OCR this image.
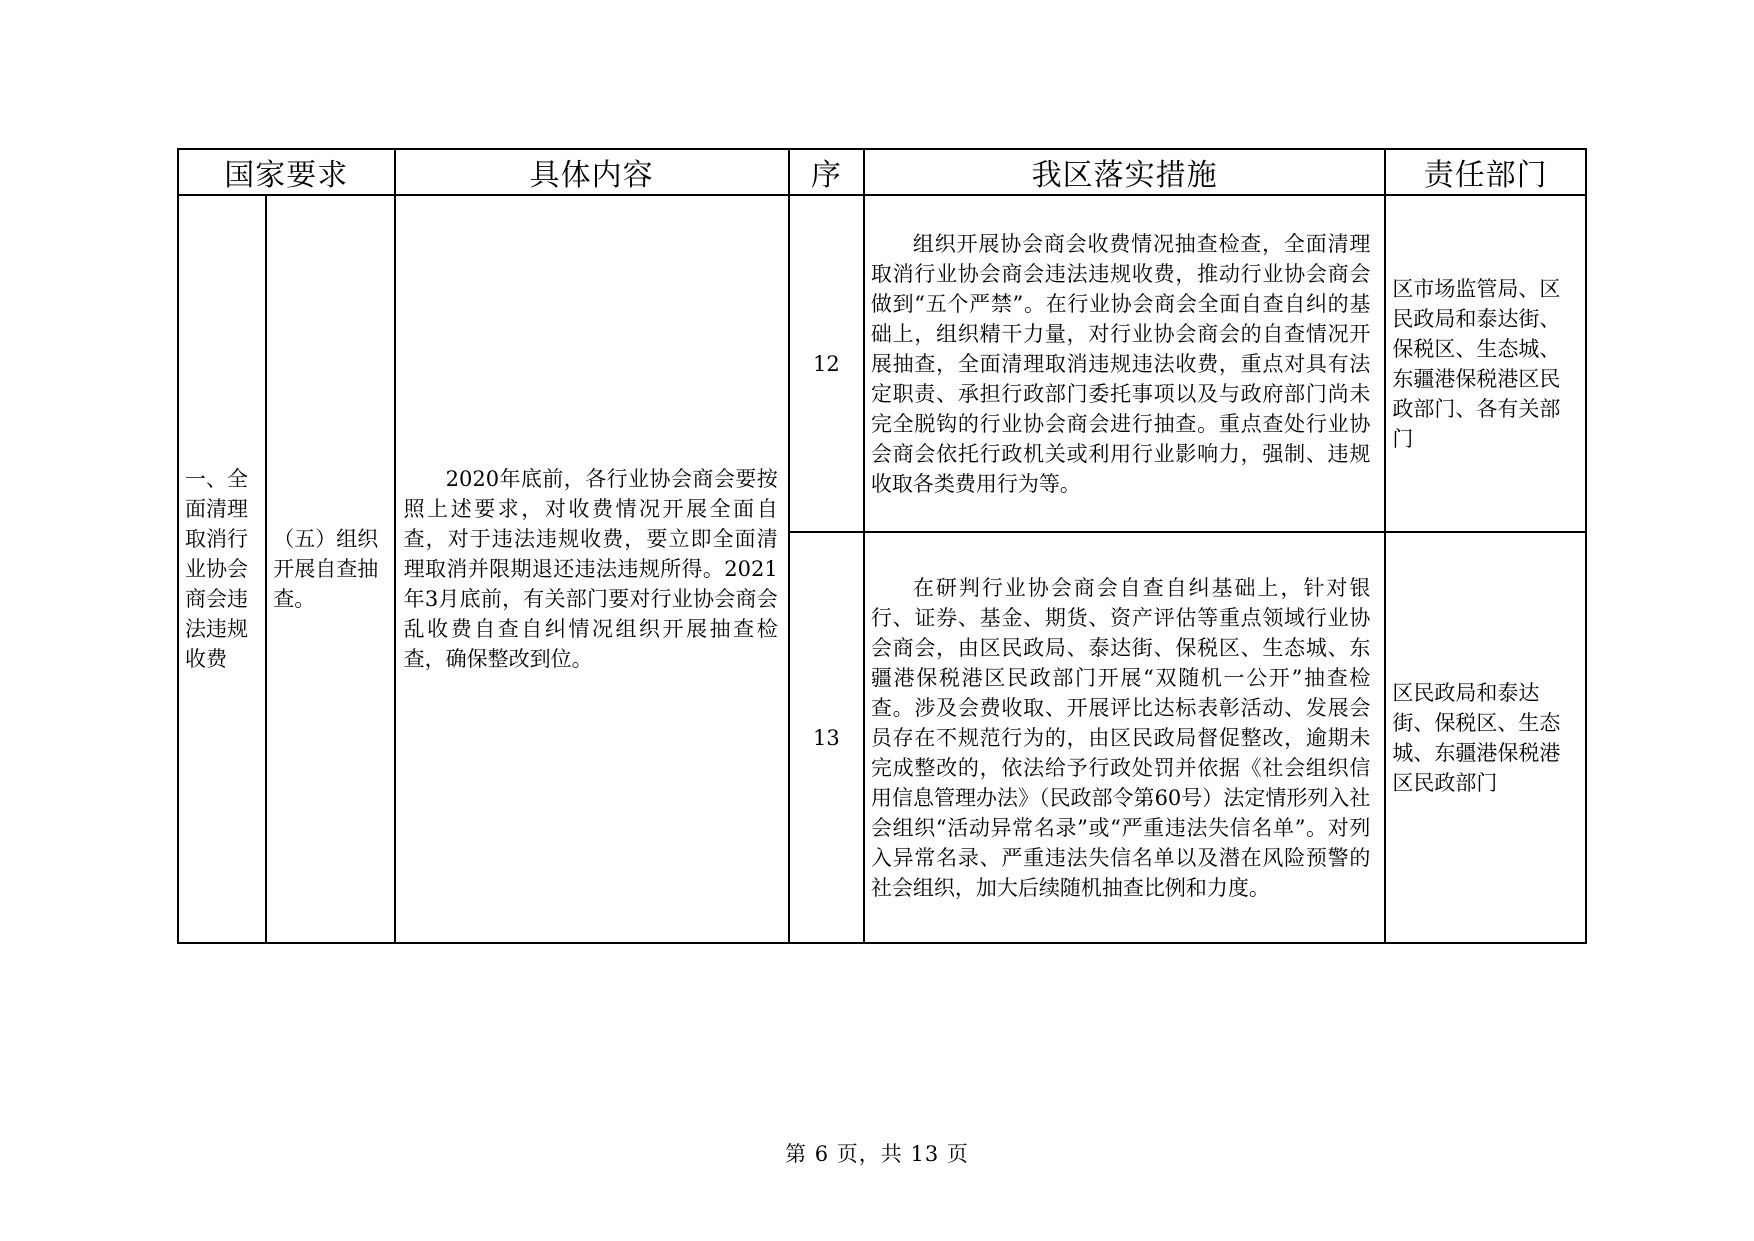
国家要求		具体内容	序	我区落实措施	责任部门
一、全面清理取消行业协会商会违法违规收费	（五）组织开展自查抽查。	2020年底前，各行业协会商会要按照上述要求，对收费情况开展全面自查，对于违法违规收费，要立即全面清理取消并限期退还违法违规所得。2021年3月底前，有关部门要对行业协会商会乱收费自查自纠情况组织开展抽查检查，确保整改到位。	12	组织开展协会商会收费情况抽查检查，全面清理取消行业协会商会违法违规收费，推动行业协会商会做到“五个严禁”。在行业协会商会全面自查自纠的基础上，组织精干力量，对行业协会商会的自查情况开展抽查，全面清理取消违规违法收费，重点对具有法定职责、承担行政部门委托事项以及与政府部门尚未完全脱钩的行业协会商会进行抽查。重点查处行业协会商会依托行政机关或利用行业影响力，强制、违规收取各类费用行为等。	区市场监管局、区民政局和泰达街、保税区、生态城、东疆港保税港区民政部门、各有关部门
			13	在研判行业协会商会自查自纠基础上，针对银行、证券、基金、期货、资产评估等重点领域行业协会商会，由区民政局、泰达街、保税区、生态城、东疆港保税港区民政部门开展“双随机一公开”抽查检查。涉及会费收取、开展评比达标表彰活动、发展会员存在不规范行为的，由区民政局督促整改，逾期未完成整改的，依法给予行政处罚并依据《社会组织信用信息管理办法》（民政部令第60号）法定情形列入社会组织“活动异常名录”或“严重违法失信名单”。对列入异常名录、严重违法失信名单以及潜在风险预警的社会组织，加大后续随机抽查比例和力度。	区民政局和泰达街、保税区、生态城、东疆港保税港区民政部门
第 6 页，共 13 页
